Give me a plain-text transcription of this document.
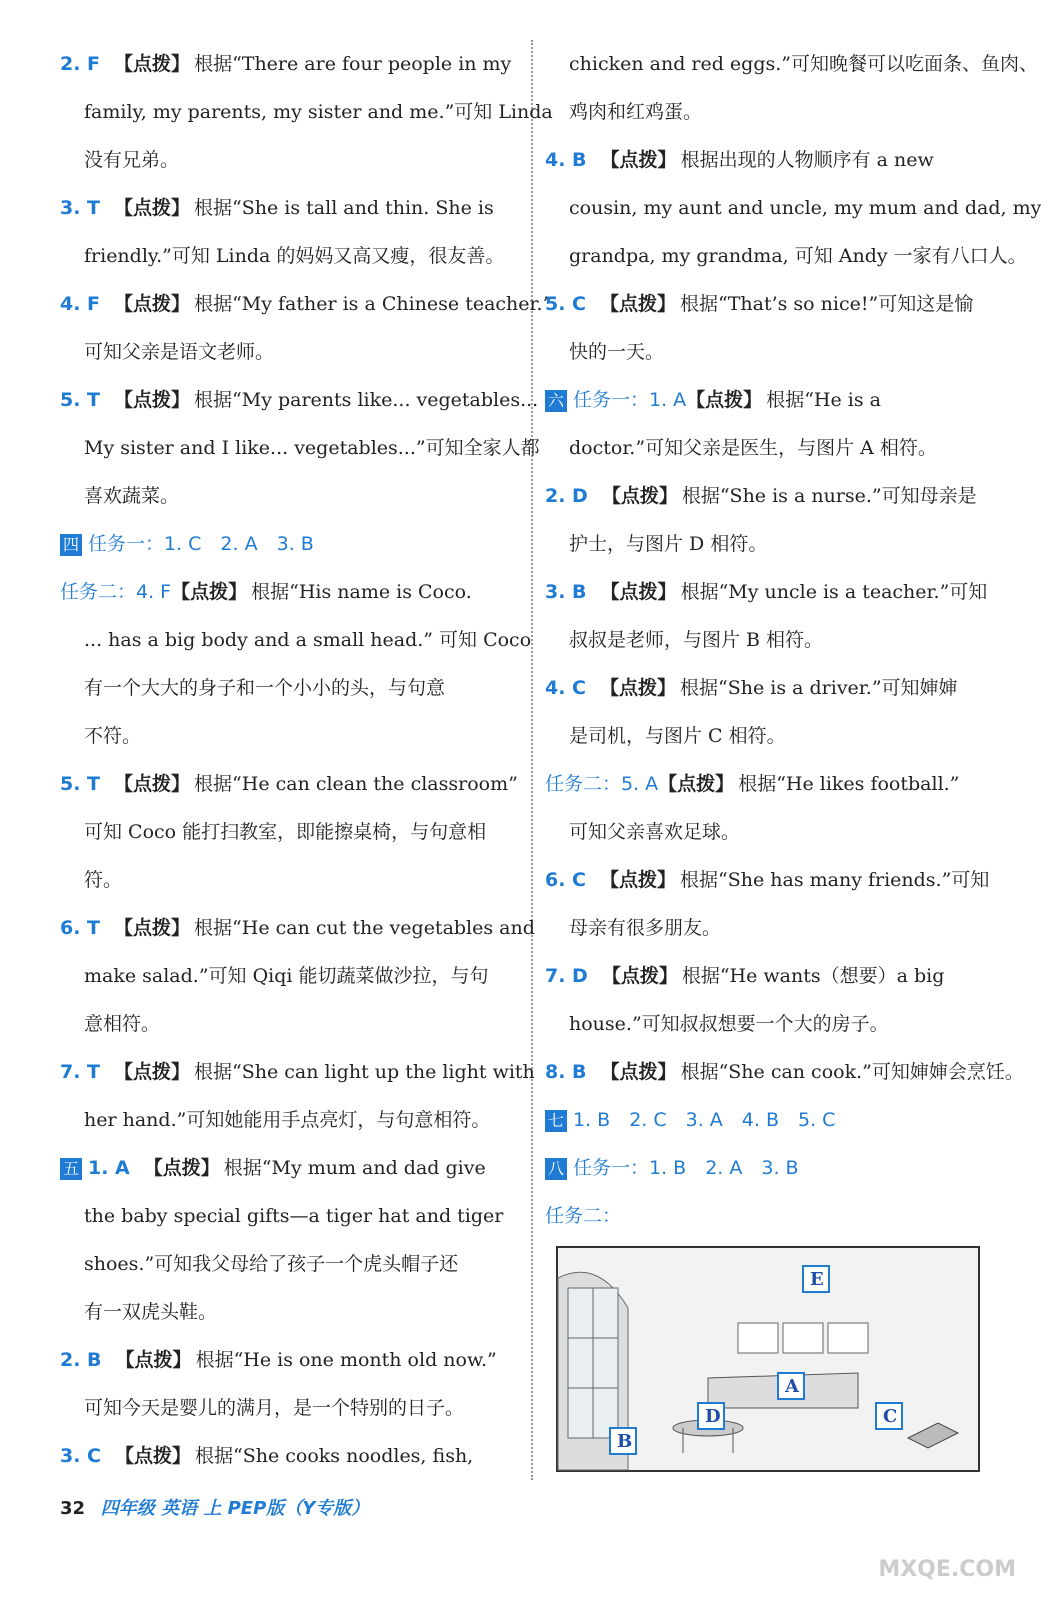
2. F 【点拨】 根据“There are four people in my
family, my parents, my sister and me.”可知 Linda
没有兄弟。
3. T 【点拨】 根据“She is tall and thin. She is
friendly.”可知 Linda 的妈妈又高又瘦，很友善。
4. F 【点拨】 根据“My father is a Chinese teacher.”
可知父亲是语文老师。
5. T 【点拨】 根据“My parents like... vegetables...
My sister and I like... vegetables...”可知全家人都
喜欢蔬菜。
四 任务一：1. C　2. A　3. B
任务二：4. F【点拨】 根据“His name is Coco.
... has a big body and a small head.” 可知 Coco
有一个大大的身子和一个小小的头，与句意
不符。
5. T 【点拨】 根据“He can clean the classroom”
可知 Coco 能打扫教室，即能擦桌椅，与句意相
符。
6. T 【点拨】 根据“He can cut the vegetables and
make salad.”可知 Qiqi 能切蔬菜做沙拉，与句
意相符。
7. T 【点拨】 根据“She can light up the light with
her hand.”可知她能用手点亮灯，与句意相符。
五 1. A 【点拨】 根据“My mum and dad give
the baby special gifts—a tiger hat and tiger
shoes.”可知我父母给了孩子一个虎头帽子还
有一双虎头鞋。
2. B 【点拨】 根据“He is one month old now.”
可知今天是婴儿的满月，是一个特别的日子。
3. C 【点拨】 根据“She cooks noodles, fish,
chicken and red eggs.”可知晚餐可以吃面条、鱼肉、
鸡肉和红鸡蛋。
4. B 【点拨】 根据出现的人物顺序有 a new
cousin, my aunt and uncle, my mum and dad, my
grandpa, my grandma, 可知 Andy 一家有八口人。
5. C 【点拨】 根据“That’s so nice!”可知这是愉
快的一天。
六 任务一：1. A【点拨】 根据“He is a
doctor.”可知父亲是医生，与图片 A 相符。
2. D 【点拨】 根据“She is a nurse.”可知母亲是
护士，与图片 D 相符。
3. B 【点拨】 根据“My uncle is a teacher.”可知
叔叔是老师，与图片 B 相符。
4. C 【点拨】 根据“She is a driver.”可知婶婶
是司机，与图片 C 相符。
任务二：5. A【点拨】 根据“He likes football.”
可知父亲喜欢足球。
6. C 【点拨】 根据“She has many friends.”可知
母亲有很多朋友。
7. D 【点拨】 根据“He wants（想要）a big
house.”可知叔叔想要一个大的房子。
8. B 【点拨】 根据“She can cook.”可知婶婶会烹饪。
七 1. B　2. C　3. A　4. B　5. C
八 任务一：1. B　2. A　3. B
任务二：
E
A
D	C
B
32 四年级 英语 上 PEP版（Y专版）
MXQE.COM
